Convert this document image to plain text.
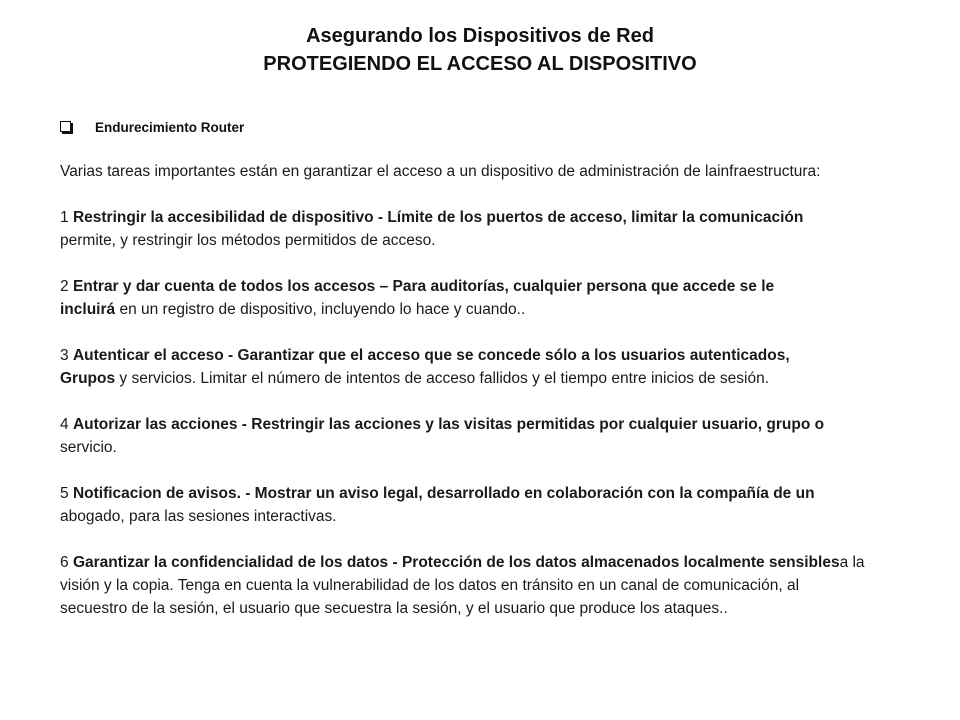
Asegurando los Dispositivos de Red
PROTEGIENDO EL ACCESO AL DISPOSITIVO
Endurecimiento Router

Varias tareas importantes están en garantizar el acceso a un dispositivo de administración de lainfraestructura:

1 Restringir la accesibilidad de dispositivo - Límite de los puertos de acceso, limitar la comunicación
permite, y restringir los métodos permitidos de acceso.

2 Entrar y dar cuenta de todos los accesos – Para auditorías, cualquier persona que accede se le
incluirá en un registro de dispositivo, incluyendo lo hace y cuando..

3 Autenticar el acceso - Garantizar que el acceso que se concede sólo a los usuarios autenticados,
Grupos y servicios. Limitar el número de intentos de acceso fallidos y el tiempo entre inicios de sesión.

4 Autorizar las acciones - Restringir las acciones y las visitas permitidas por cualquier usuario, grupo o
servicio.

5 Notificacion de avisos. - Mostrar un aviso legal, desarrollado en colaboración con la compañía de un
abogado, para las sesiones interactivas.

6 Garantizar la confidencialidad de los datos - Protección de los datos almacenados localmente sensiblesa la
visión y la copia. Tenga en cuenta la vulnerabilidad de los datos en tránsito en un canal de comunicación, al
secuestro de la sesión, el usuario que secuestra la sesión, y el usuario que produce los ataques..
